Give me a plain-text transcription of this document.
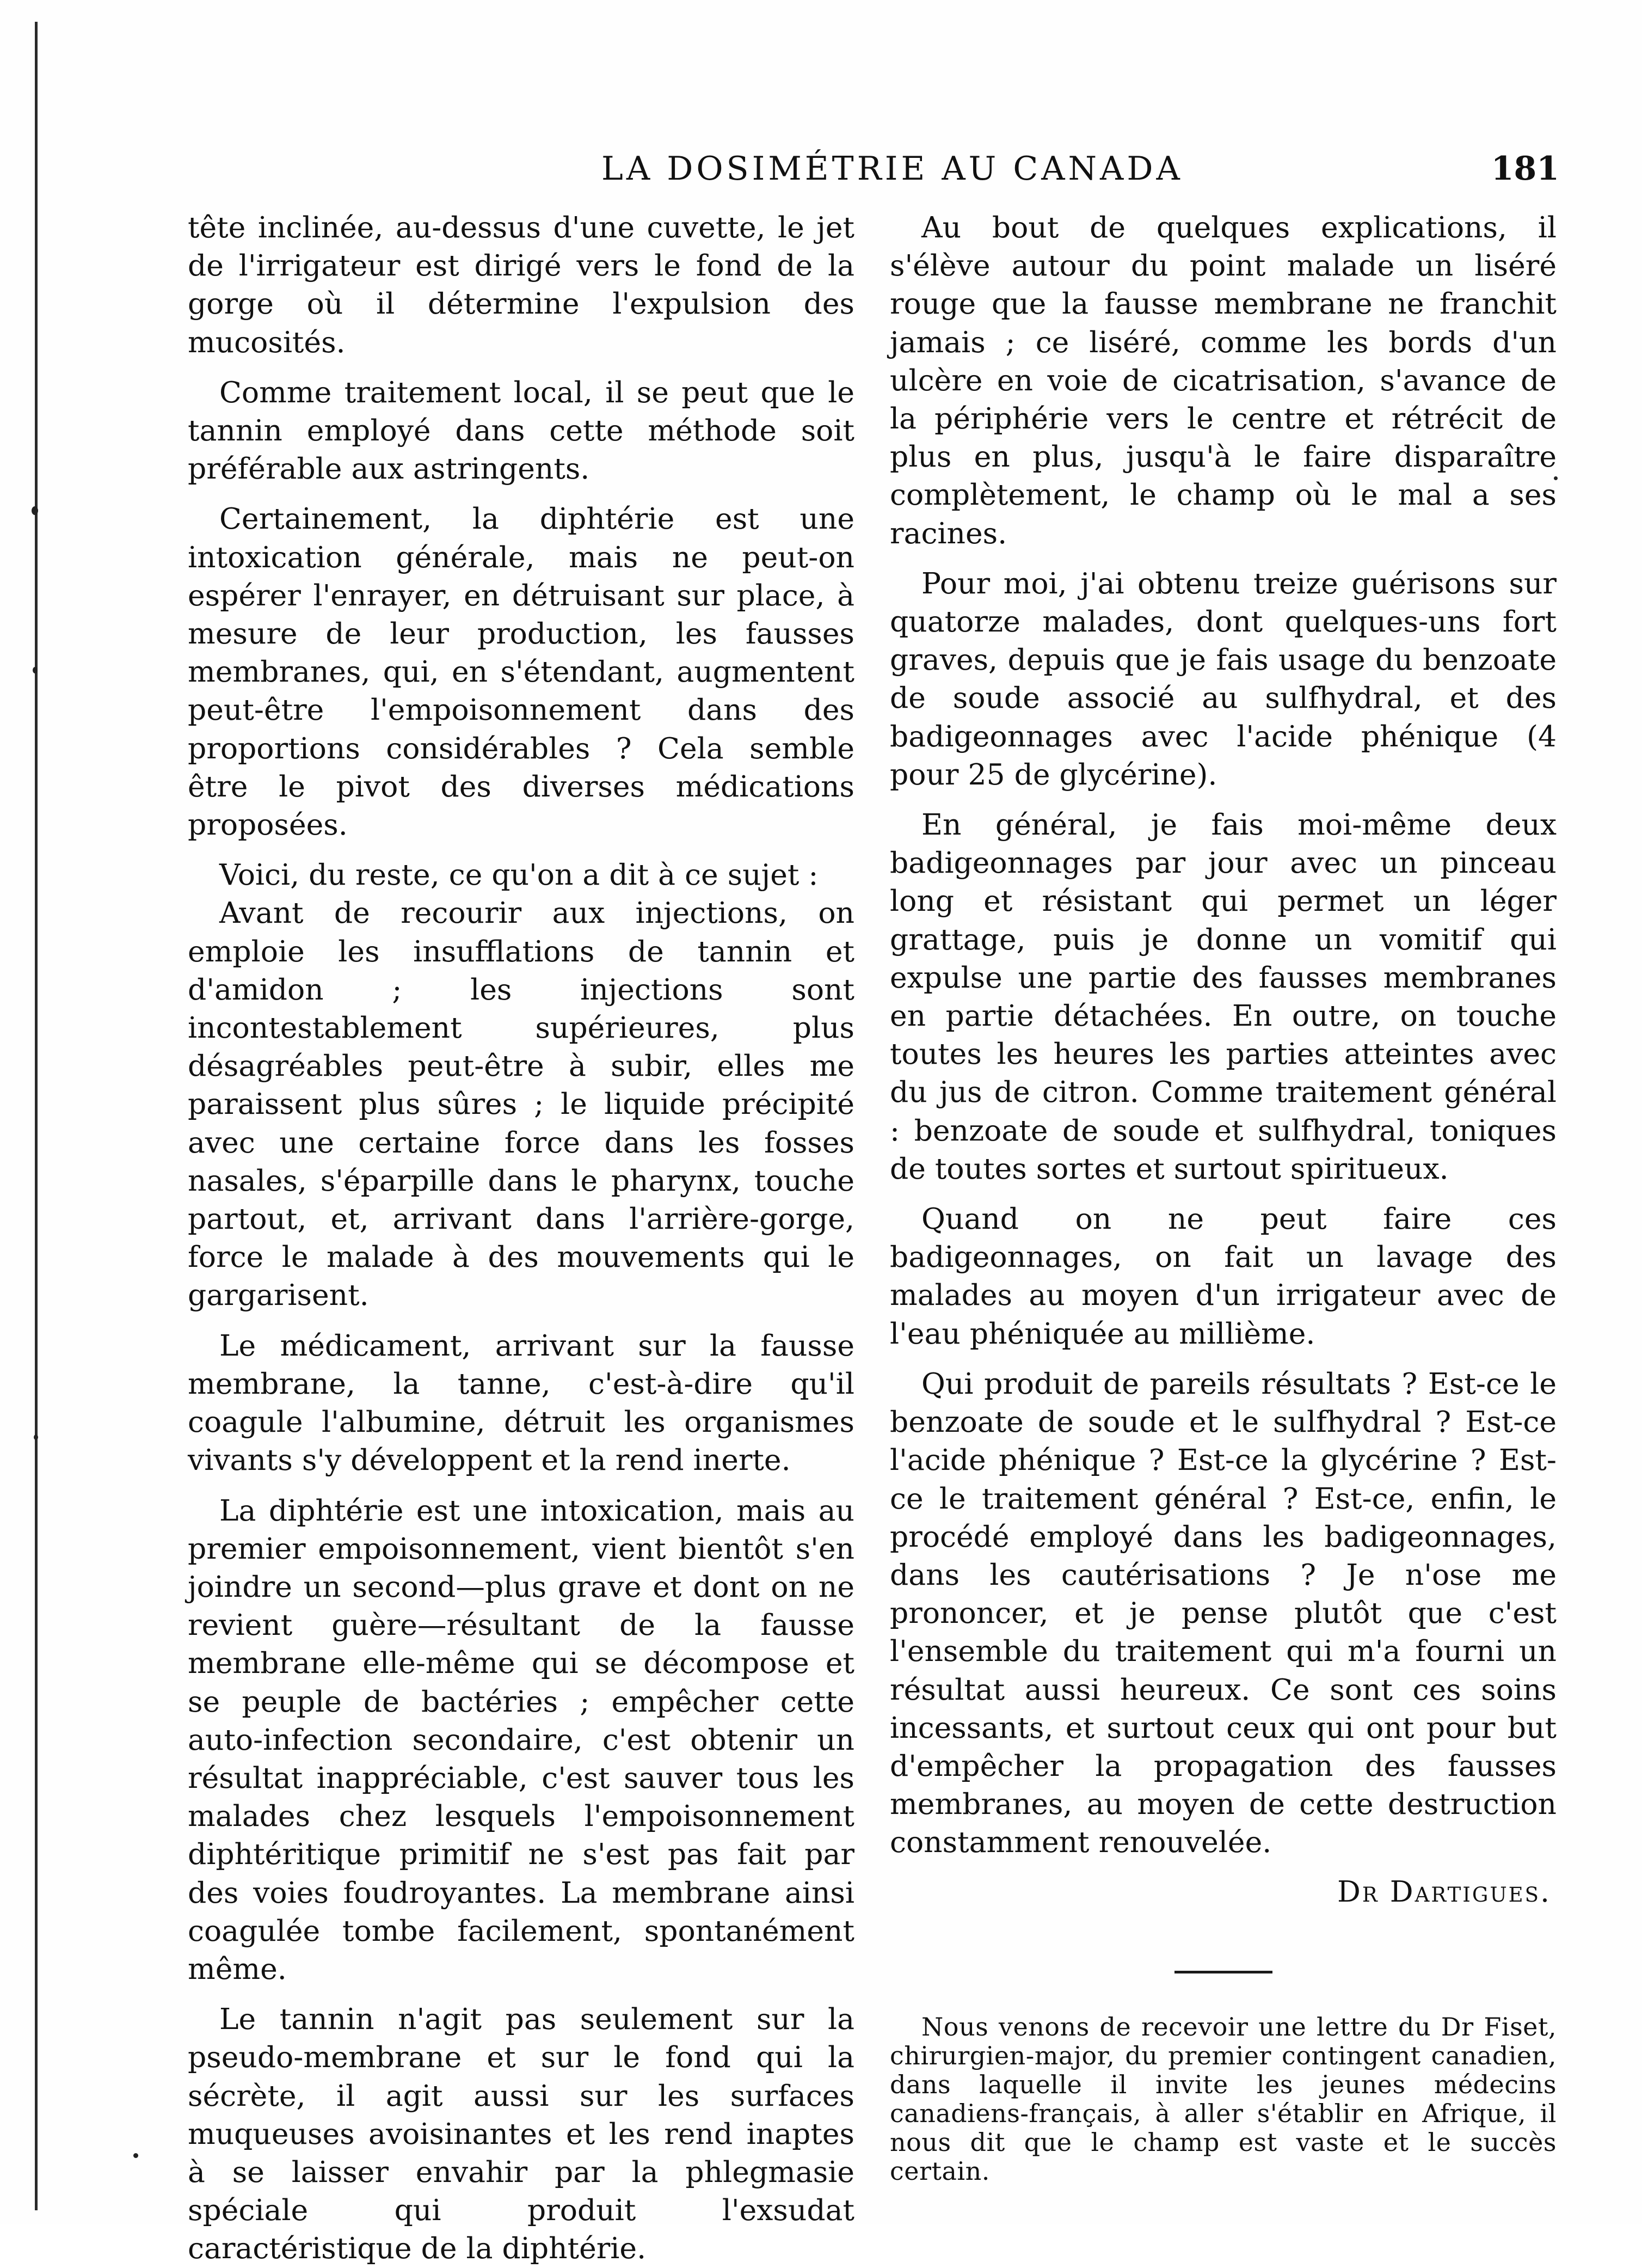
LA DOSIMÉTRIE AU CANADA	181

tête inclinée, au-dessus d'une cuvette, le jet de l'irrigateur est dirigé vers le fond de la gorge où il détermine l'expulsion des mucosités.

Comme traitement local, il se peut que le tannin employé dans cette méthode soit préférable aux astringents.

Certainement, la diphtérie est une intoxication générale, mais ne peut-on espérer l'enrayer, en détruisant sur place, à mesure de leur production, les fausses membranes, qui, en s'étendant, augmentent peut-être l'empoisonnement dans des proportions considérables ? Cela semble être le pivot des diverses médications proposées.

Voici, du reste, ce qu'on a dit à ce sujet :

Avant de recourir aux injections, on emploie les insufflations de tannin et d'amidon ; les injections sont incontestablement supérieures, plus désagréables peut-être à subir, elles me paraissent plus sûres ; le liquide précipité avec une certaine force dans les fosses nasales, s'éparpille dans le pharynx, touche partout, et, arrivant dans l'arrière-gorge, force le malade à des mouvements qui le gargarisent.

Le médicament, arrivant sur la fausse membrane, la tanne, c'est-à-dire qu'il coagule l'albumine, détruit les organismes vivants s'y développent et la rend inerte.

La diphtérie est une intoxication, mais au premier empoisonnement, vient bientôt s'en joindre un second—plus grave et dont on ne revient guère—résultant de la fausse membrane elle-même qui se décompose et se peuple de bactéries ; empêcher cette auto-infection secondaire, c'est obtenir un résultat inappréciable, c'est sauver tous les malades chez lesquels l'empoisonnement diphtéritique primitif ne s'est pas fait par des voies foudroyantes. La membrane ainsi coagulée tombe facilement, spontanément même.

Le tannin n'agit pas seulement sur la pseudo-membrane et sur le fond qui la sécrète, il agit aussi sur les surfaces muqueuses avoisinantes et les rend inaptes à se laisser envahir par la phlegmasie spéciale qui produit l'exsudat caractéristique de la diphtérie.

Au bout de quelques explications, il s'élève autour du point malade un liséré rouge que la fausse membrane ne franchit jamais ; ce liséré, comme les bords d'un ulcère en voie de cicatrisation, s'avance de la périphérie vers le centre et rétrécit de plus en plus, jusqu'à le faire disparaître complètement, le champ où le mal a ses racines.

Pour moi, j'ai obtenu treize guérisons sur quatorze malades, dont quelques-uns fort graves, depuis que je fais usage du benzoate de soude associé au sulfhydral, et des badigeonnages avec l'acide phénique (4 pour 25 de glycérine).

En général, je fais moi-même deux badigeonnages par jour avec un pinceau long et résistant qui permet un léger grattage, puis je donne un vomitif qui expulse une partie des fausses membranes en partie détachées. En outre, on touche toutes les heures les parties atteintes avec du jus de citron. Comme traitement général : benzoate de soude et sulfhydral, toniques de toutes sortes et surtout spiritueux.

Quand on ne peut faire ces badigeonnages, on fait un lavage des malades au moyen d'un irrigateur avec de l'eau phéniquée au millième.

Qui produit de pareils résultats ? Est-ce le benzoate de soude et le sulfhydral ? Est-ce l'acide phénique ? Est-ce la glycérine ? Est-ce le traitement général ? Est-ce, enfin, le procédé employé dans les badigeonnages, dans les cautérisations ? Je n'ose me prononcer, et je pense plutôt que c'est l'ensemble du traitement qui m'a fourni un résultat aussi heureux. Ce sont ces soins incessants, et surtout ceux qui ont pour but d'empêcher la propagation des fausses membranes, au moyen de cette destruction constamment renouvelée.

Dr Dartigues.

Nous venons de recevoir une lettre du Dr Fiset, chirurgien-major, du premier contingent canadien, dans laquelle il invite les jeunes médecins canadiens-français, à aller s'établir en Afrique, il nous dit que le champ est vaste et le succès certain.
